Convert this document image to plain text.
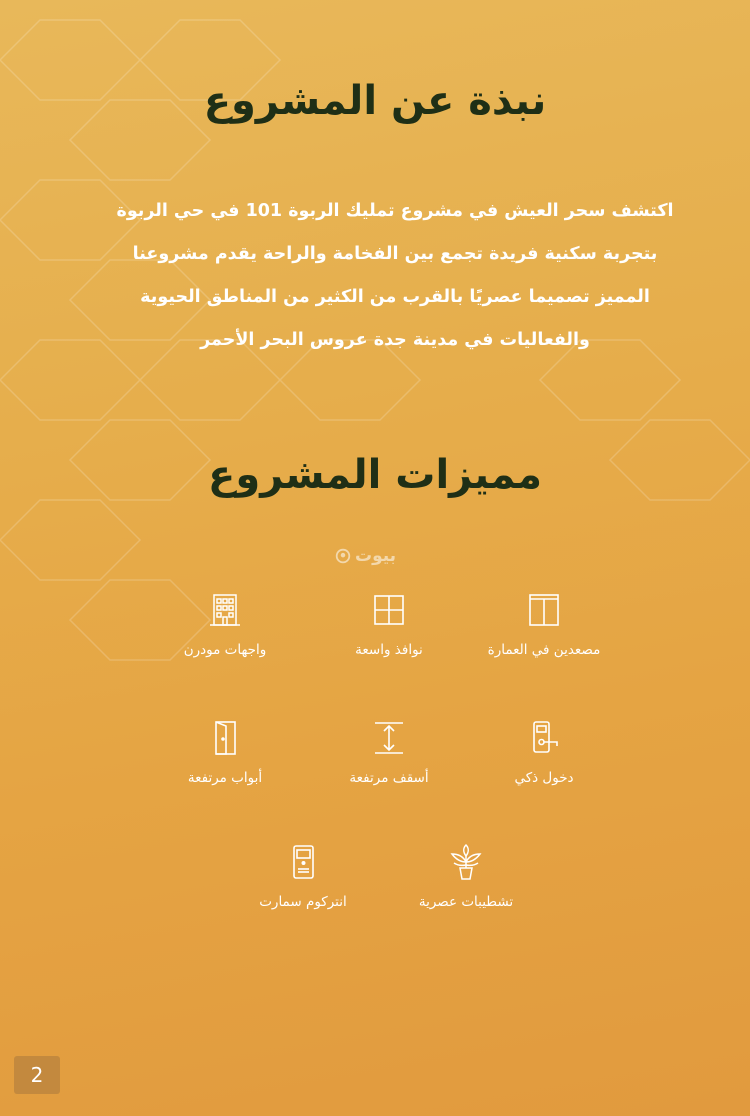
نبذة عن المشروع

اكتشف سحر العيش في مشروع تمليك الربوة 101 في حي الربوة
بتجربة سكنية فريدة تجمع بين الفخامة والراحة يقدم مشروعنا
المميز تصميما عصريًا بالقرب من الكثير من المناطق الحيوية
والفعاليات في مدينة جدة عروس البحر الأحمر

مميزات المشروع
بيوت
مصعدين في العمارة
نوافذ واسعة
واجهات مودرن
دخول ذكي
أسقف مرتفعة
أبواب مرتفعة
تشطيبات عصرية
انتركوم سمارت
2
